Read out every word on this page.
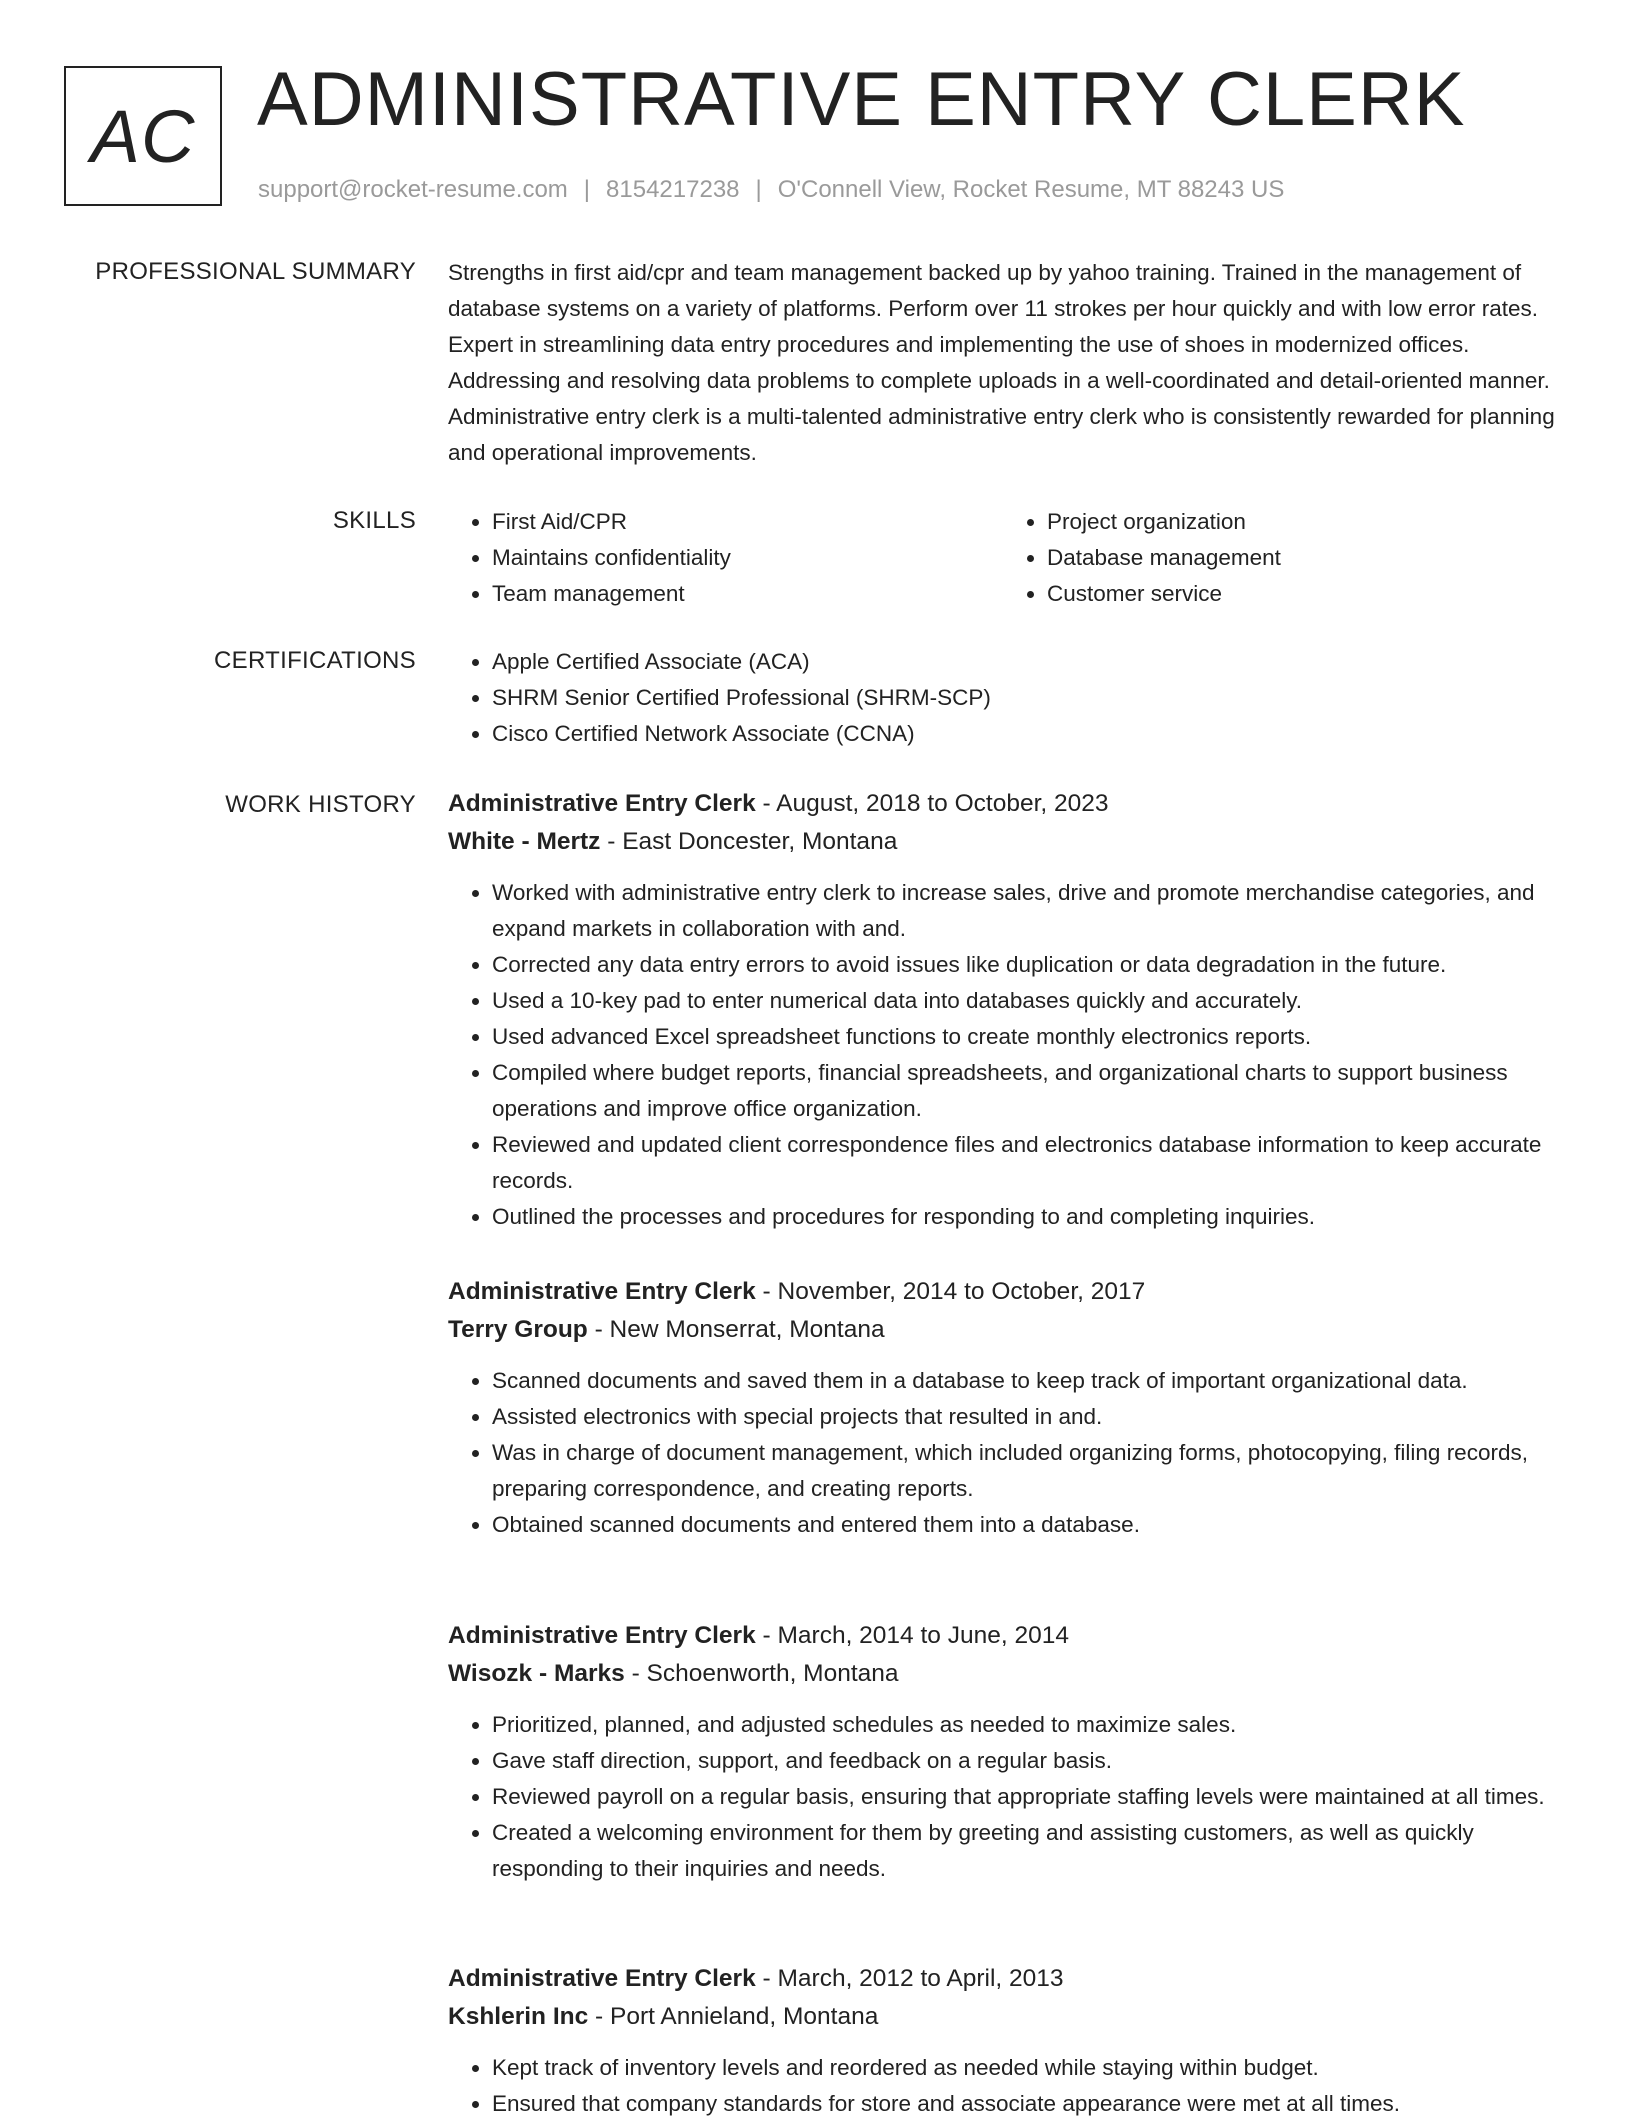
AC ADMINISTRATIVE ENTRY CLERK
support@rocket-resume.com | 8154217238 | O'Connell View, Rocket Resume, MT 88243 US
PROFESSIONAL SUMMARY Strengths in first aid/cpr and team management backed up by yahoo training. Trained in the management of database systems on a variety of platforms. Perform over 11 strokes per hour quickly and with low error rates. Expert in streamlining data entry procedures and implementing the use of shoes in modernized offices. Addressing and resolving data problems to complete uploads in a well-coordinated and detail-oriented manner. Administrative entry clerk is a multi-talented administrative entry clerk who is consistently rewarded for planning and operational improvements.

SKILLS	• First Aid/CPR
• Maintains confidentiality
• Team management
• Project organization
• Database management
• Customer service
CERTIFICATIONS	• Apple Certified Associate (ACA)
• SHRM Senior Certified Professional (SHRM-SCP)
• Cisco Certified Network Associate (CCNA)
WORK HISTORY Administrative Entry Clerk - August, 2018 to October, 2023
White - Mertz - East Doncester, Montana
• Worked with administrative entry clerk to increase sales, drive and promote merchandise categories, and expand markets in collaboration with and.
• Corrected any data entry errors to avoid issues like duplication or data degradation in the future.
• Used a 10-key pad to enter numerical data into databases quickly and accurately.
• Used advanced Excel spreadsheet functions to create monthly electronics reports.
• Compiled where budget reports, financial spreadsheets, and organizational charts to support business operations and improve office organization.
• Reviewed and updated client correspondence files and electronics database information to keep accurate records.
• Outlined the processes and procedures for responding to and completing inquiries.
Administrative Entry Clerk - November, 2014 to October, 2017
Terry Group - New Monserrat, Montana
• Scanned documents and saved them in a database to keep track of important organizational data.
• Assisted electronics with special projects that resulted in and.
• Was in charge of document management, which included organizing forms, photocopying, filing records, preparing correspondence, and creating reports.
• Obtained scanned documents and entered them into a database.
Administrative Entry Clerk - March, 2014 to June, 2014
Wisozk - Marks - Schoenworth, Montana
• Prioritized, planned, and adjusted schedules as needed to maximize sales.
• Gave staff direction, support, and feedback on a regular basis.
• Reviewed payroll on a regular basis, ensuring that appropriate staffing levels were maintained at all times.
• Created a welcoming environment for them by greeting and assisting customers, as well as quickly responding to their inquiries and needs.
Administrative Entry Clerk - March, 2012 to April, 2013
Kshlerin Inc - Port Annieland, Montana
• Kept track of inventory levels and reordered as needed while staying within budget.
• Ensured that company standards for store and associate appearance were met at all times.
